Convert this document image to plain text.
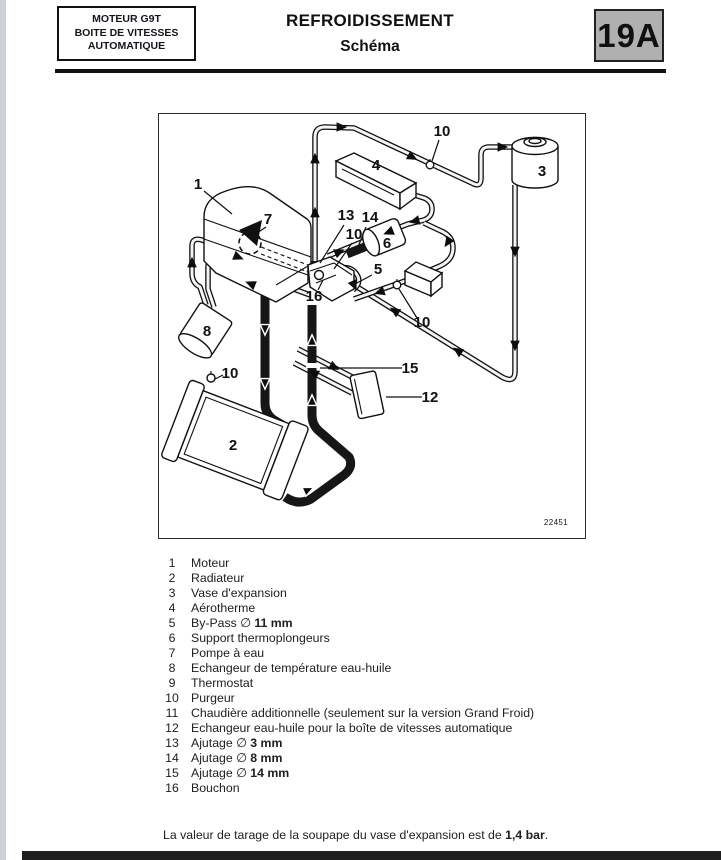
MOTEUR G9T
BOITE DE VITESSES
AUTOMATIQUE
REFROIDISSEMENT
Schéma	19A
1
7
4	3
10
13 14
10
6
5
16
10
15
12
10
8
2
22451
1	Moteur
2	Radiateur
3	Vase d'expansion
4	Aérotherme
5	By-Pass ∅ 11 mm
6	Support thermoplongeurs
7	Pompe à eau
8	Echangeur de température eau-huile
9	Thermostat
10 Purgeur
11 Chaudière additionnelle (seulement sur la version Grand Froid)
12 Echangeur eau-huile pour la boîte de vitesses automatique
13 Ajutage ∅ 3 mm
14 Ajutage ∅ 8 mm
15 Ajutage ∅ 14 mm
16 Bouchon
La valeur de tarage de la soupape du vase d'expansion est de 1,4 bar.
